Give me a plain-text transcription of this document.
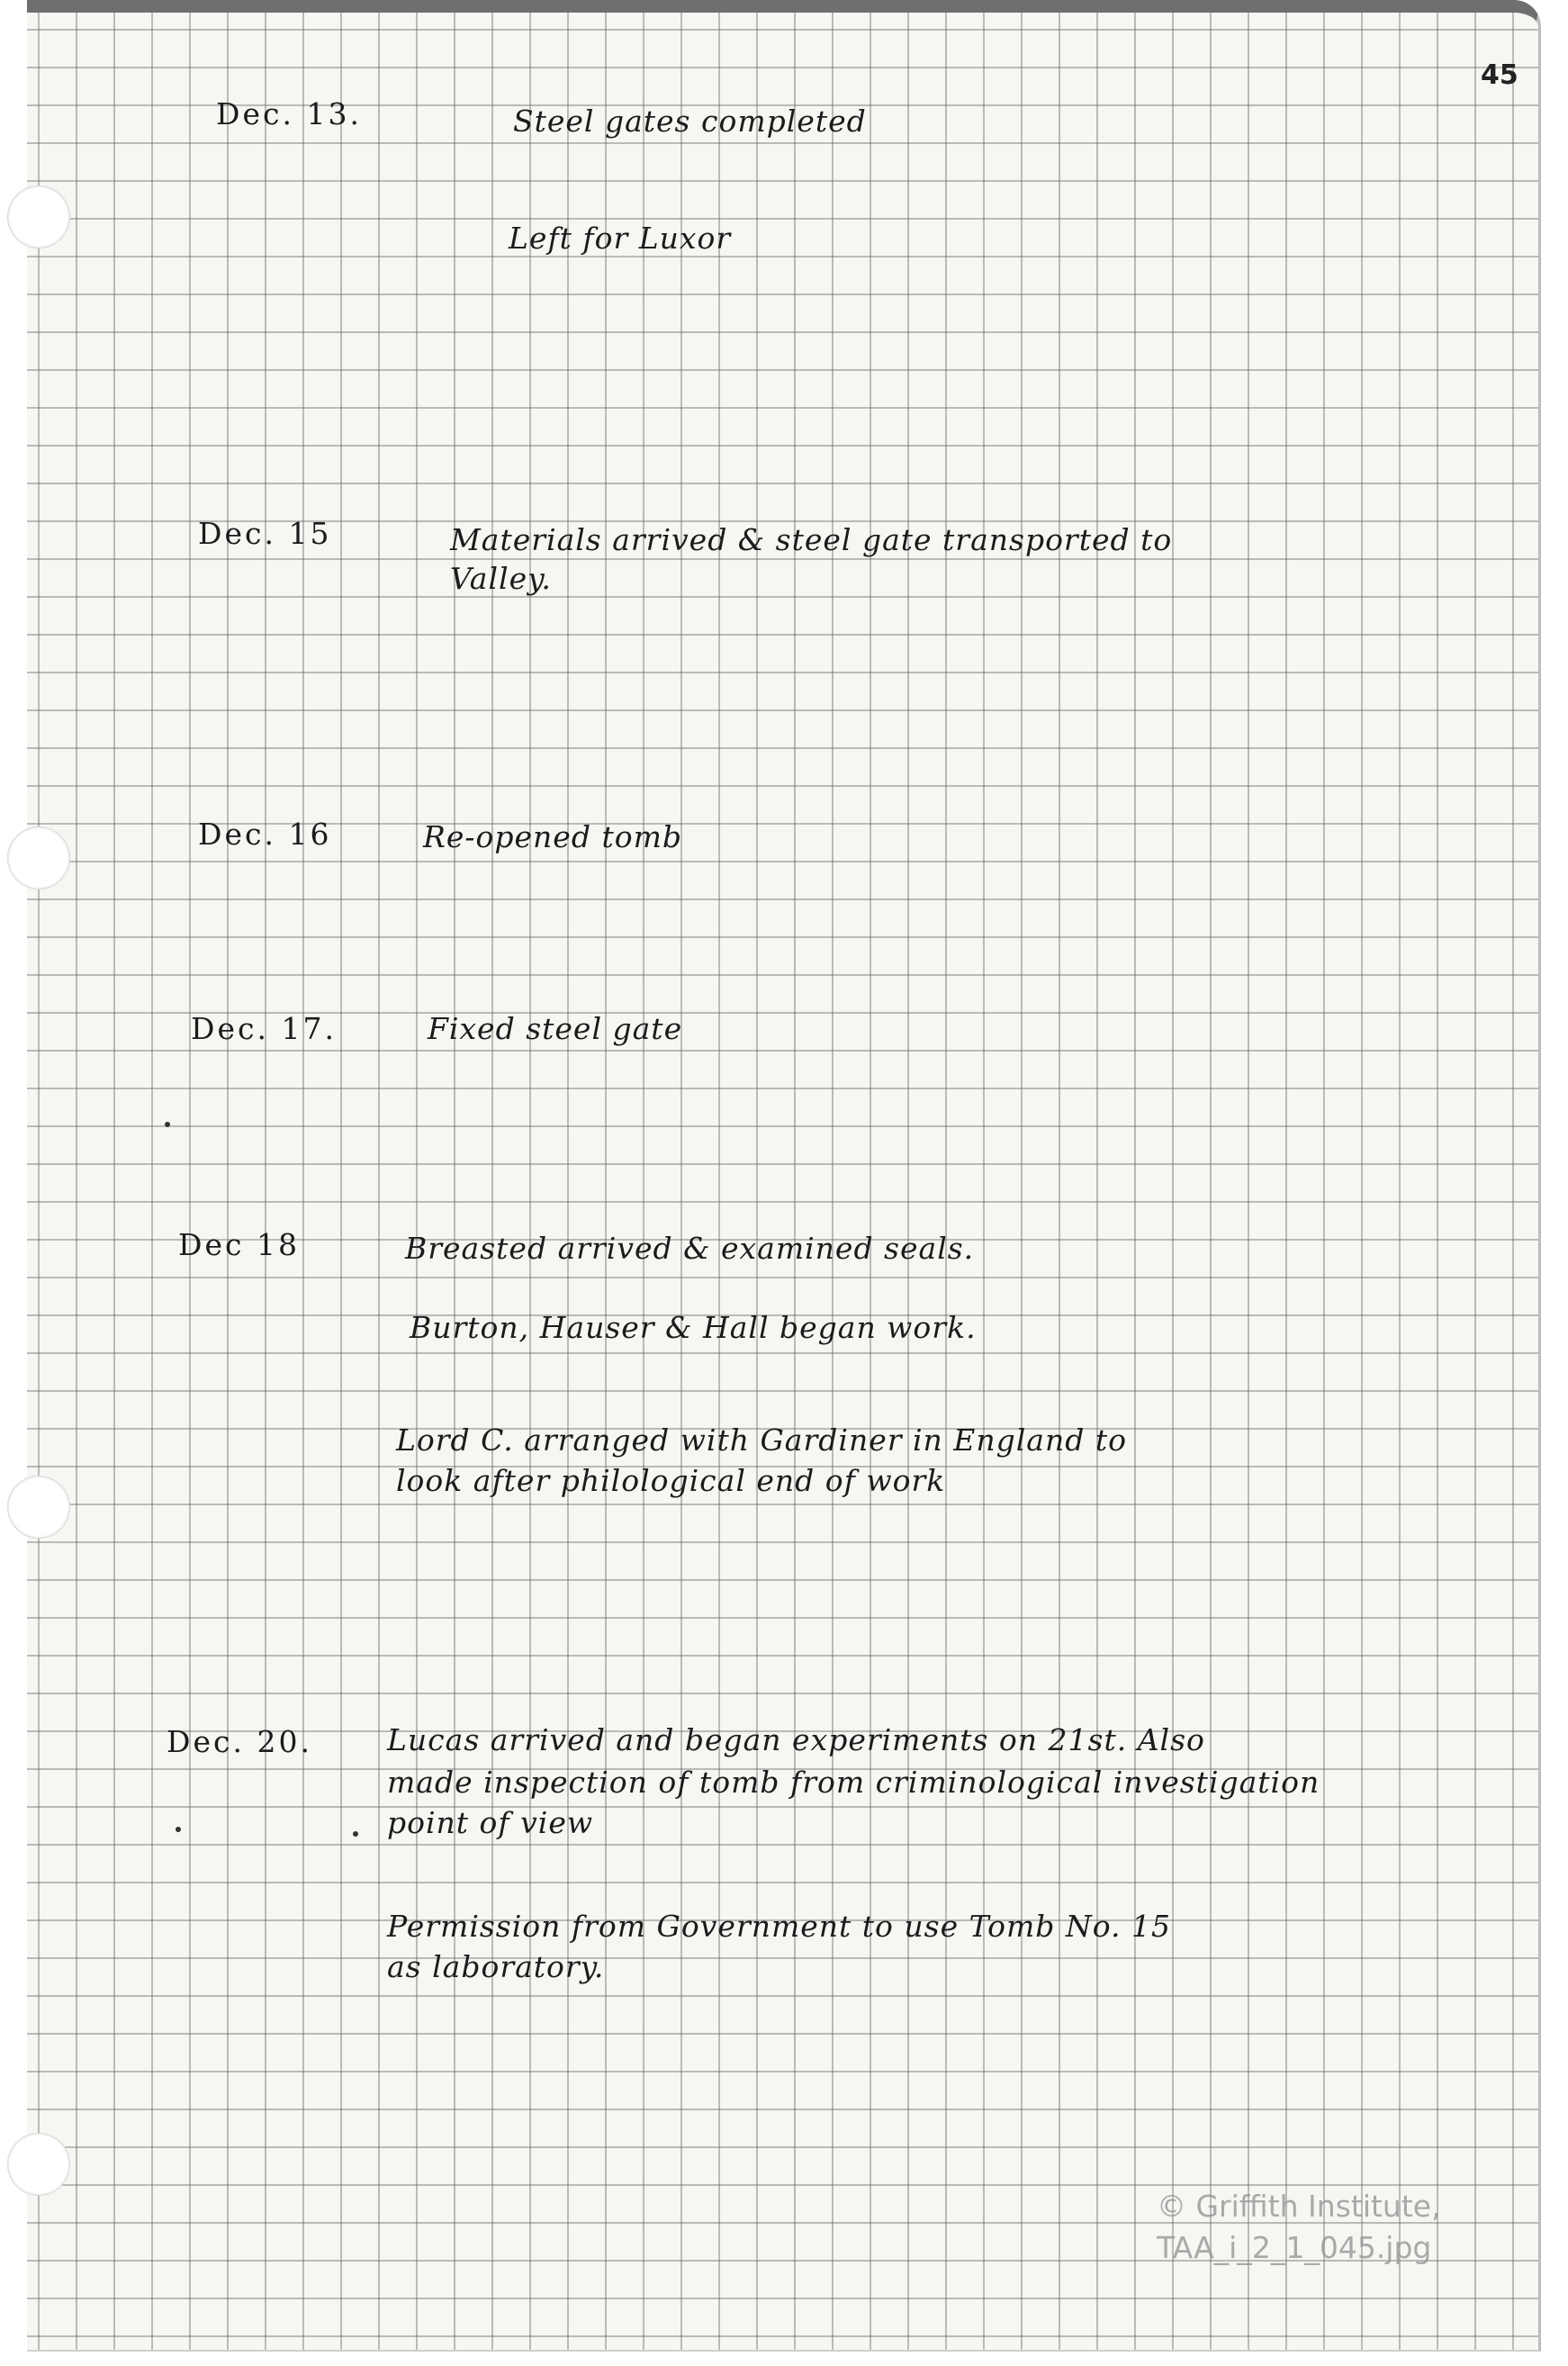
45
Dec. 13.	Steel gates completed
Left for Luxor
Dec. 15	Materials arrived & steel gate transported to
Valley.
Dec. 16	Re-opened tomb
Dec. 17.	Fixed steel gate
Dec 18	Breasted arrived & examined seals.
Burton, Hauser & Hall began work.
Lord C. arranged with Gardiner in England to
look after philological end of work
Dec. 20.	Lucas arrived and began experiments on 21st. Also
made inspection of tomb from criminological investigation
point of view
Permission from Government to use Tomb No. 15
as laboratory.
© Griffith Institute,
TAA_i_2_1_045.jpg
